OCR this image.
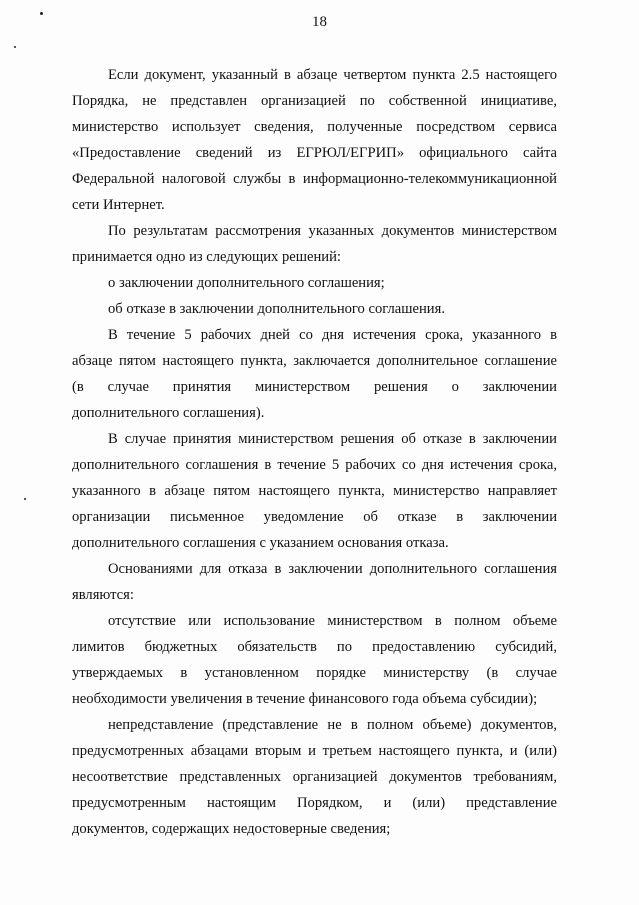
18
Если документ, указанный в абзаце четвертом пункта 2.5 настоящего
Порядка, не представлен организацией по собственной инициативе,
министерство использует сведения, полученные посредством сервиса
«Предоставление сведений из ЕГРЮЛ/ЕГРИП» официального сайта
Федеральной налоговой службы в информационно-телекоммуникационной
сети Интернет.
По результатам рассмотрения указанных документов министерством
принимается одно из следующих решений:
о заключении дополнительного соглашения;
об отказе в заключении дополнительного соглашения.
В течение 5 рабочих дней со дня истечения срока, указанного в
абзаце пятом настоящего пункта, заключается дополнительное соглашение
(в случае принятия министерством решения о заключении
дополнительного соглашения).
В случае принятия министерством решения об отказе в заключении
дополнительного соглашения в течение 5 рабочих со дня истечения срока,
указанного в абзаце пятом настоящего пункта, министерство направляет
организации письменное уведомление об отказе в заключении
дополнительного соглашения с указанием основания отказа.
Основаниями для отказа в заключении дополнительного соглашения
являются:
отсутствие или использование министерством в полном объеме
лимитов бюджетных обязательств по предоставлению субсидий,
утверждаемых в установленном порядке министерству (в случае
необходимости увеличения в течение финансового года объема субсидии);
непредставление (представление не в полном объеме) документов,
предусмотренных абзацами вторым и третьем настоящего пункта, и (или)
несоответствие представленных организацией документов требованиям,
предусмотренным настоящим Порядком, и (или) представление
документов, содержащих недостоверные сведения;
